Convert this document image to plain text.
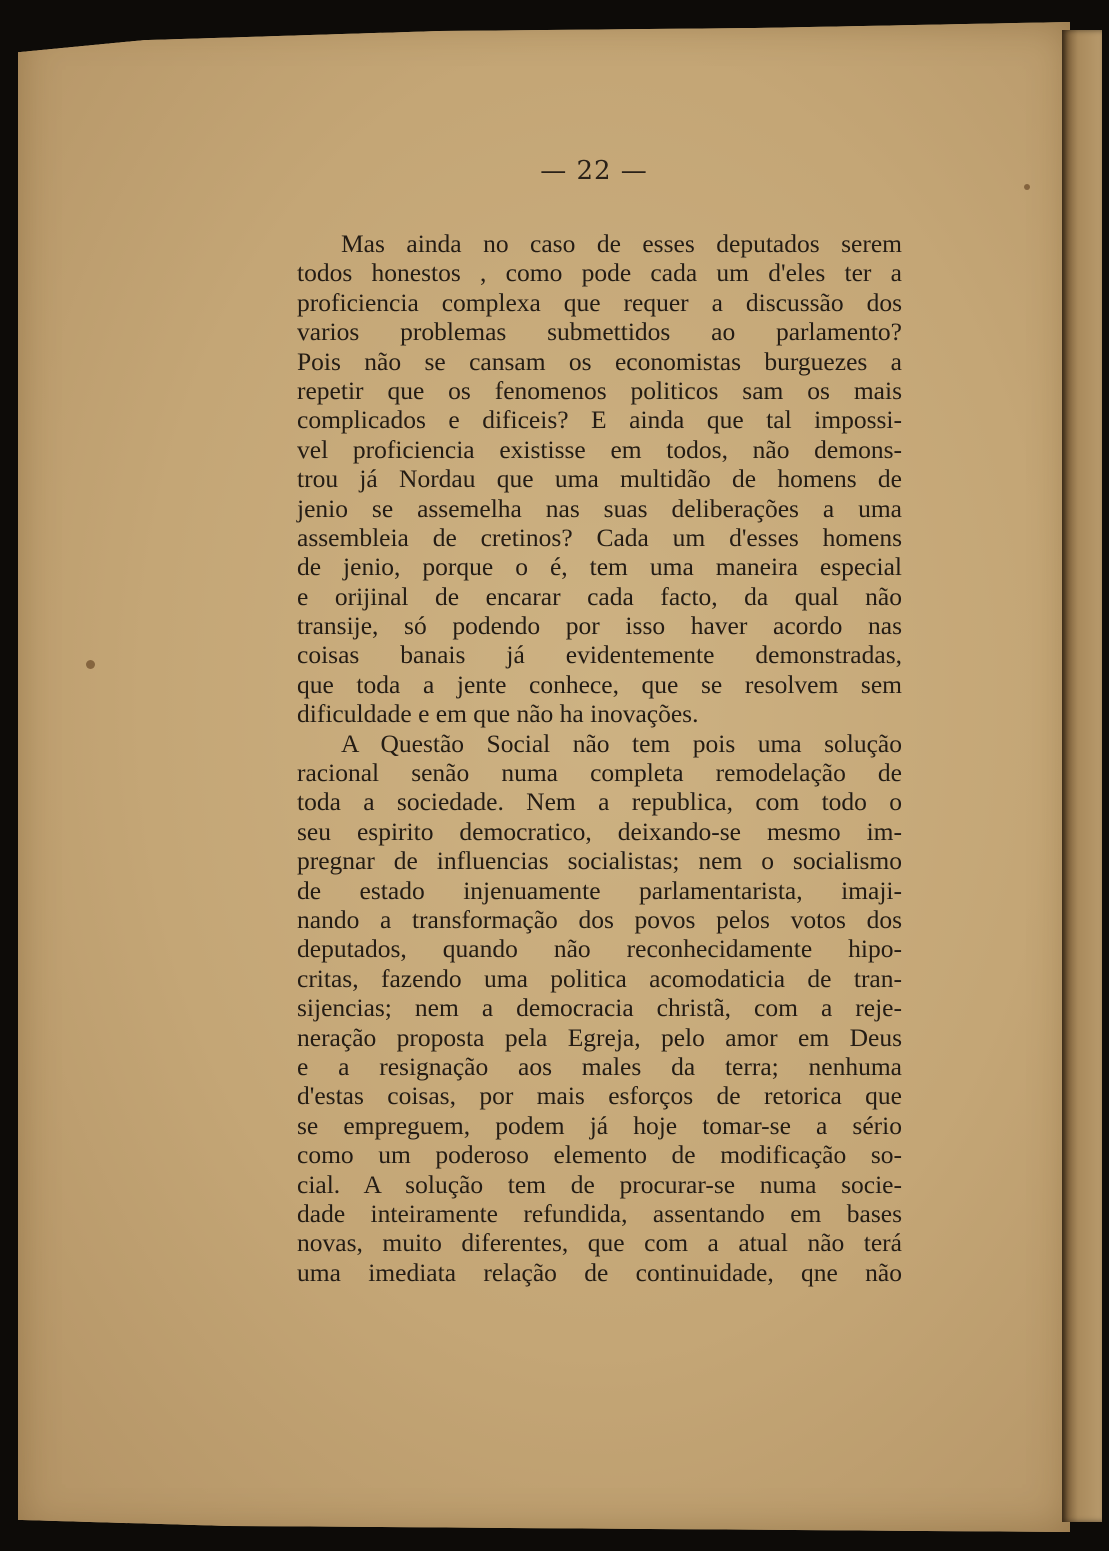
— 22 —
Mas ainda no caso de esses deputados serem
todos honestos , como pode cada um d'eles ter a
proficiencia complexa que requer a discussão dos
varios problemas submettidos ao parlamento?
Pois não se cansam os economistas burguezes a
repetir que os fenomenos politicos sam os mais
complicados e dificeis? E ainda que tal impossi-
vel proficiencia existisse em todos, não demons-
trou já Nordau que uma multidão de homens de
jenio se assemelha nas suas deliberações a uma
assembleia de cretinos? Cada um d'esses homens
de jenio, porque o é, tem uma maneira especial
e orijinal de encarar cada facto, da qual não
transije, só podendo por isso haver acordo nas
coisas banais já evidentemente demonstradas,
que toda a jente conhece, que se resolvem sem
dificuldade e em que não ha inovações.
A Questão Social não tem pois uma solução
racional senão numa completa remodelação de
toda a sociedade. Nem a republica, com todo o
seu espirito democratico, deixando-se mesmo im-
pregnar de influencias socialistas; nem o socialismo
de estado injenuamente parlamentarista, imaji-
nando a transformação dos povos pelos votos dos
deputados, quando não reconhecidamente hipo-
critas, fazendo uma politica acomodaticia de tran-
sijencias; nem a democracia christã, com a reje-
neração proposta pela Egreja, pelo amor em Deus
e a resignação aos males da terra; nenhuma
d'estas coisas, por mais esforços de retorica que
se empreguem, podem já hoje tomar-se a sério
como um poderoso elemento de modificação so-
cial. A solução tem de procurar-se numa socie-
dade inteiramente refundida, assentando em bases
novas, muito diferentes, que com a atual não terá
uma imediata relação de continuidade, qne não
